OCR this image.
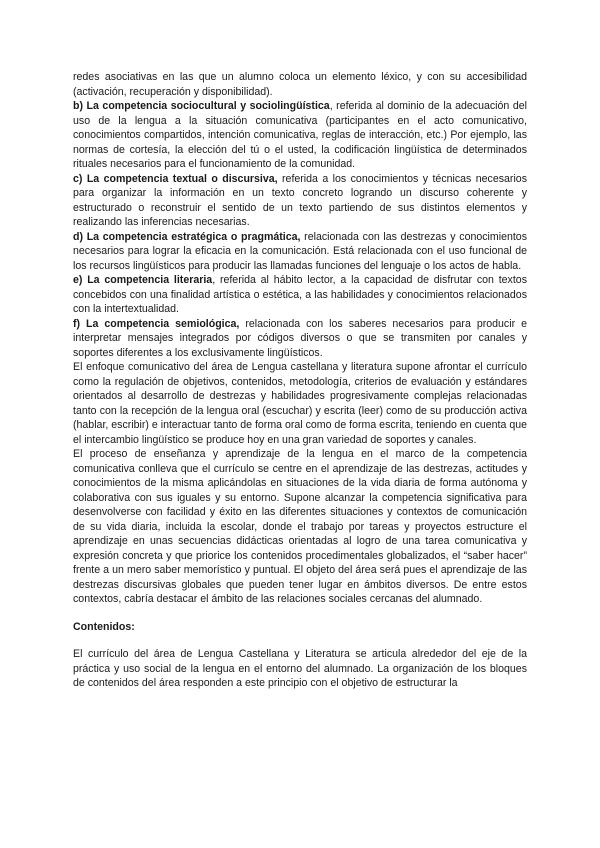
redes asociativas en las que un alumno coloca un elemento léxico, y con su accesibilidad (activación, recuperación y disponibilidad).

b) La competencia sociocultural y sociolingüística, referida al dominio de la adecuación del uso de la lengua a la situación comunicativa (participantes en el acto comunicativo, conocimientos compartidos, intención comunicativa, reglas de interacción, etc.) Por ejemplo, las normas de cortesía, la elección del tú o el usted, la codificación lingüística de determinados rituales necesarios para el funcionamiento de la comunidad.

c) La competencia textual o discursiva, referida a los conocimientos y técnicas necesarios para organizar la información en un texto concreto logrando un discurso coherente y estructurado o reconstruir el sentido de un texto partiendo de sus distintos elementos y realizando las inferencias necesarias.

d) La competencia estratégica o pragmática, relacionada con las destrezas y conocimientos necesarios para lograr la eficacia en la comunicación. Está relacionada con el uso funcional de los recursos lingüísticos para producir las llamadas funciones del lenguaje o los actos de habla.

e) La competencia literaria, referida al hábito lector, a la capacidad de disfrutar con textos concebidos con una finalidad artística o estética, a las habilidades y conocimientos relacionados con la intertextualidad.

f) La competencia semiológica, relacionada con los saberes necesarios para producir e interpretar mensajes integrados por códigos diversos o que se transmiten por canales y soportes diferentes a los exclusivamente lingüísticos.

El enfoque comunicativo del área de Lengua castellana y literatura supone afrontar el currículo como la regulación de objetivos, contenidos, metodología, criterios de evaluación y estándares orientados al desarrollo de destrezas y habilidades progresivamente complejas relacionadas tanto con la recepción de la lengua oral (escuchar) y escrita (leer) como de su producción activa (hablar, escribir) e interactuar tanto de forma oral como de forma escrita, teniendo en cuenta que el intercambio lingüístico se produce hoy en una gran variedad de soportes y canales.

El proceso de enseñanza y aprendizaje de la lengua en el marco de la competencia comunicativa conlleva que el currículo se centre en el aprendizaje de las destrezas, actitudes y conocimientos de la misma aplicándolas en situaciones de la vida diaria de forma autónoma y colaborativa con sus iguales y su entorno. Supone alcanzar la competencia significativa para desenvolverse con facilidad y éxito en las diferentes situaciones y contextos de comunicación de su vida diaria, incluida la escolar, donde el trabajo por tareas y proyectos estructure el aprendizaje en unas secuencias didácticas orientadas al logro de una tarea comunicativa y expresión concreta y que priorice los contenidos procedimentales globalizados, el “saber hacer” frente a un mero saber memorístico y puntual. El objeto del área será pues el aprendizaje de las destrezas discursivas globales que pueden tener lugar en ámbitos diversos. De entre estos contextos, cabría destacar el ámbito de las relaciones sociales cercanas del alumnado.

Contenidos:

El currículo del área de Lengua Castellana y Literatura se articula alrededor del eje de la práctica y uso social de la lengua en el entorno del alumnado. La organización de los bloques de contenidos del área responden a este principio con el objetivo de estructurar la
